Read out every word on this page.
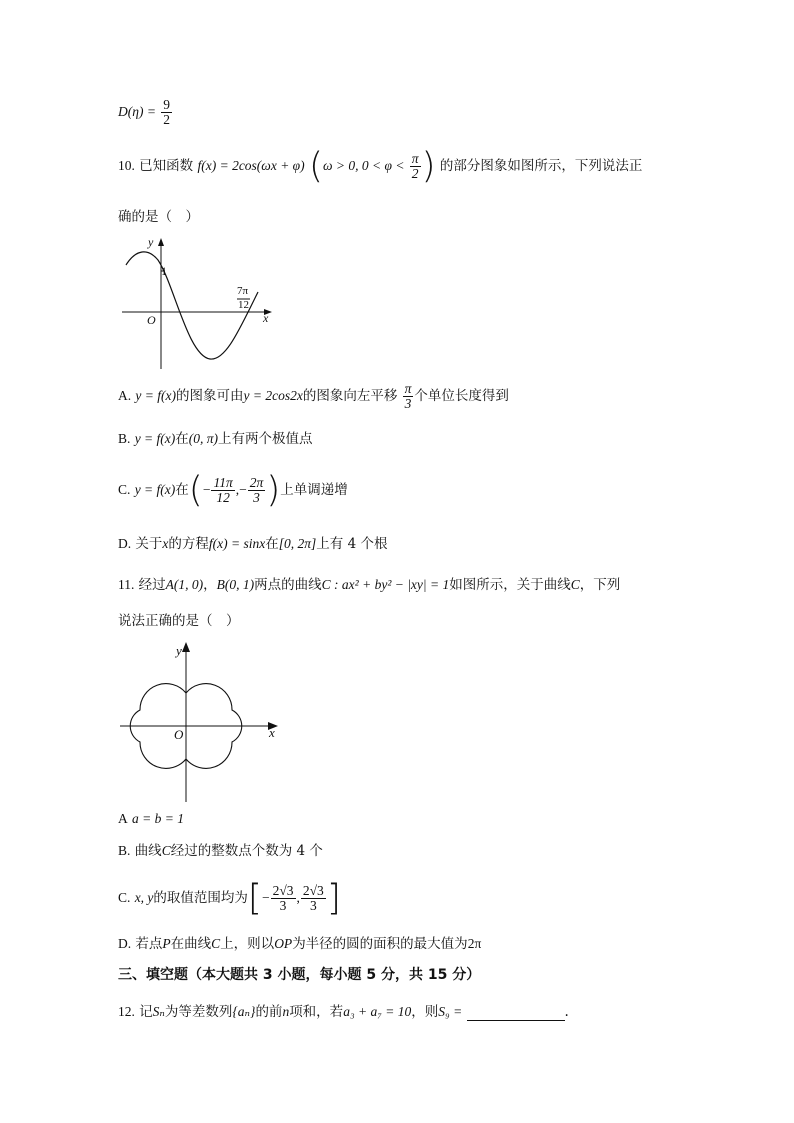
$D(\eta) = \frac{9}{2}$
10. 已知函数 f(x) = 2cos(ωx + φ) (ω > 0, $0 < \varphi < \frac{\pi}{2}$ ) 的部分图象如图所示，下列说法正
确的是（　）
y
x
O
1
7π
12
A. y = f(x)的图象可由y = 2cos2x的图象向左平移 $\frac{\pi}{3}$ 个单位长度得到
B. y = f(x)在(0, π)上有两个极值点
C. y = f(x)在(− $\frac{11\pi}{12}$ ,− $\frac{2\pi}{3}$ )上单调递增
D. 关于x的方程f(x) = sinx在[0, 2π]上有 4 个根
11. 经过A(1, 0)，B(0, 1)两点的曲线C : ax² + by² − |xy| = 1如图所示，关于曲线C，下列
说法正确的是（　）
y
x
O
A a = b = 1
B. 曲线C经过的整数点个数为 4 个
C. x, y的取值范围均为[− $\frac{2√3}{3}$ , $\frac{2√3}{3}$ ]
D. 若点P在曲线C上，则以OP为半径的圆的面积的最大值为2π
三、填空题（本大题共 3 小题，每小题 5 分，共 15 分）
12. 记Sₙ为等差数列{aₙ}的前n项和，若a₃ + a₇ = 10，则S₉ =	.
